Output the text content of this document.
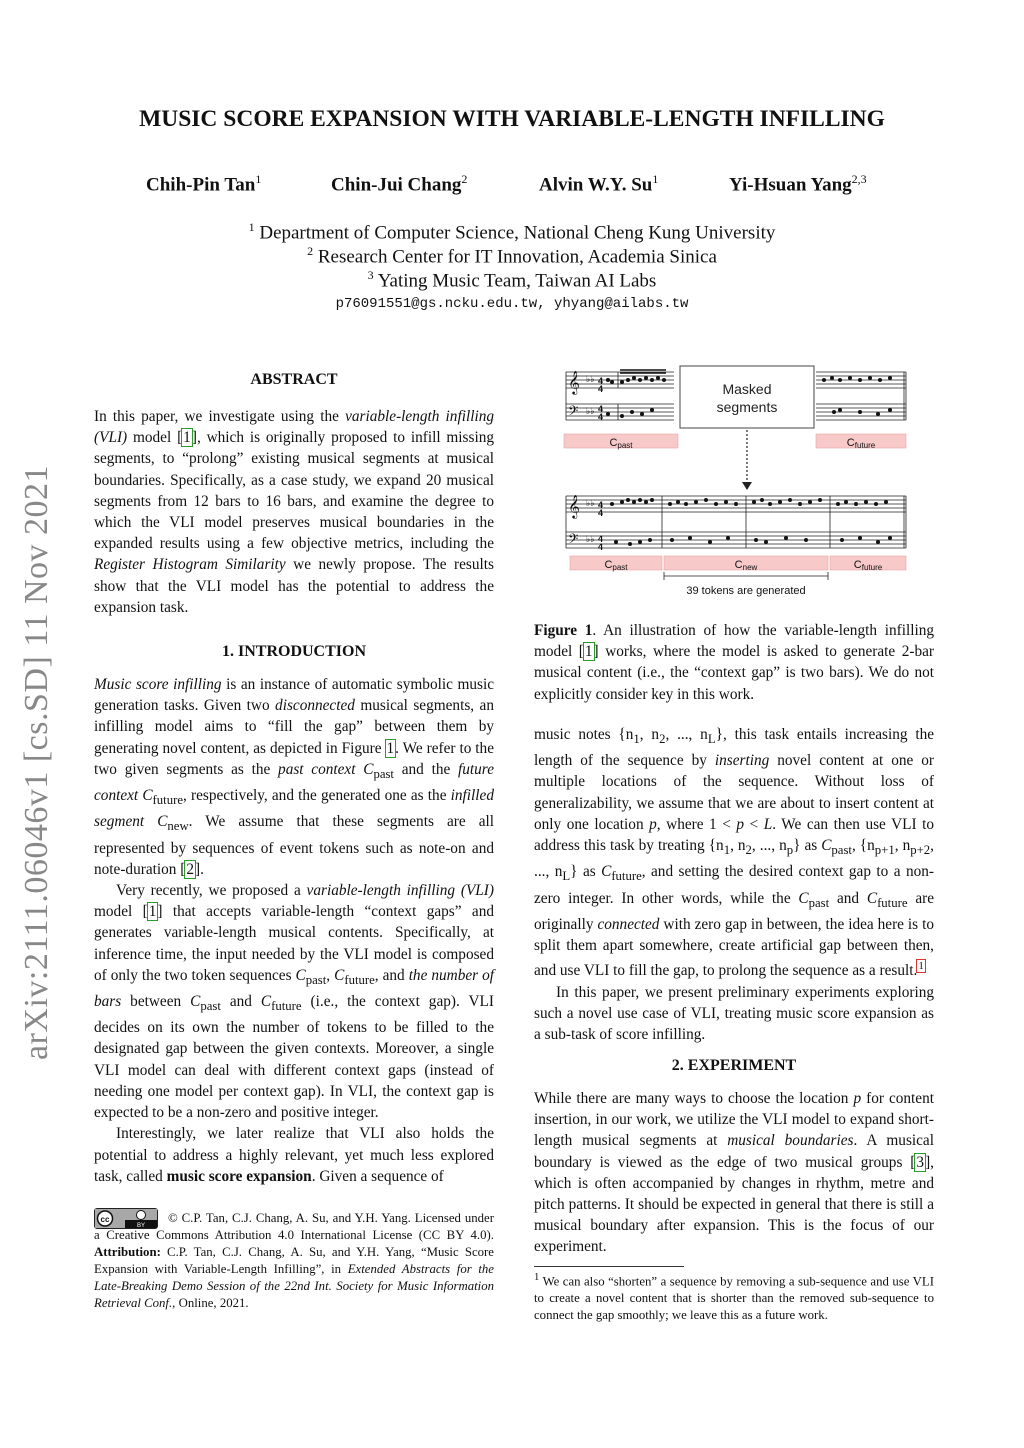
arXiv:2111.06046v1 [cs.SD] 11 Nov 2021
MUSIC SCORE EXPANSION WITH VARIABLE-LENGTH INFILLING
Chih-Pin Tan$^1$	Chin-Jui Chang$^2$	Alvin W.Y. Su$^1$	Yi-Hsuan Yang$^{2,3}$
$^1$ Department of Computer Science, National Cheng Kung University
$^2$ Research Center for IT Innovation, Academia Sinica
$^3$ Yating Music Team, Taiwan AI Labs
p76091551@gs.ncku.edu.tw, yhyang@ailabs.tw
ABSTRACT

In this paper, we investigate using the variable-length infilling (VLI) model [1], which is originally proposed to infill missing segments, to “prolong” existing musical segments at musical boundaries. Specifically, as a case study, we expand 20 musical segments from 12 bars to 16 bars, and examine the degree to which the VLI model preserves musical boundaries in the expanded results using a few objective metrics, including the Register Histogram Similarity we newly propose. The results show that the VLI model has the potential to address the expansion task.

1. INTRODUCTION

Music score infilling is an instance of automatic symbolic music generation tasks. Given two disconnected musical segments, an infilling model aims to “fill the gap” between them by generating novel content, as depicted in Figure 1. We refer to the two given segments as the past context $C_{past}$ and the future context $C_{future}$, respectively, and the generated one as the infilled segment $C_{new}$. We assume that these segments are all represented by sequences of event tokens such as note-on and note-duration [2].

Very recently, we proposed a variable-length infilling (VLI) model [1] that accepts variable-length “context gaps” and generates variable-length musical contents. Specifically, at inference time, the input needed by the VLI model is composed of only the two token sequences $C_{past}$, $C_{future}$, and the number of bars between $C_{past}$ and $C_{future}$ (i.e., the context gap). VLI decides on its own the number of tokens to be filled to the designated gap between the given contexts. Moreover, a single VLI model can deal with different context gaps (instead of needing one model per context gap). In VLI, the context gap is expected to be a non-zero and positive integer.

Interestingly, we later realize that VLI also holds the potential to address a highly relevant, yet much less explored task, called music score expansion. Given a sequence of

cc
BY
© C.P. Tan, C.J. Chang, A. Su, and Y.H. Yang. Licensed under a Creative Commons Attribution 4.0 International License (CC BY 4.0). Attribution: C.P. Tan, C.J. Chang, A. Su, and Y.H. Yang, “Music Score Expansion with Variable-Length Infilling”, in Extended Abstracts for the Late-Breaking Demo Session of the 22nd Int. Society for Music Information Retrieval Conf., Online, 2021.
𝄞
𝄢
♭♭
♭♭
4
4
4
4
Masked
segments
Cpast	Cfuture
𝄞
𝄢
♭♭
♭♭
4
4
4
4
Cpast	Cnew	Cfuture
39 tokens are generated

Figure 1. An illustration of how the variable-length infilling model [1] works, where the model is asked to generate 2-bar musical content (i.e., the “context gap” is two bars). We do not explicitly consider key in this work.

music notes {$n_1$, $n_2$, ..., $n_L$}, this task entails increasing the length of the sequence by inserting novel content at one or multiple locations of the sequence. Without loss of generalizability, we assume that we are about to insert content at only one location p, where 1 < p < L. We can then use VLI to address this task by treating {$n_1$, $n_2$, ..., $n_p$} as $C_{past}$, {$n_{p+1}$, $n_{p+2}$, ..., $n_L$} as $C_{future}$, and setting the desired context gap to a non-zero integer. In other words, while the $C_{past}$ and $C_{future}$ are originally connected with zero gap in between, the idea here is to split them apart somewhere, create artificial gap between then, and use VLI to fill the gap, to prolong the sequence as a result.$^1$

In this paper, we present preliminary experiments exploring such a novel use case of VLI, treating music score expansion as a sub-task of score infilling.

2. EXPERIMENT

While there are many ways to choose the location p for content insertion, in our work, we utilize the VLI model to expand short-length musical segments at musical boundaries. A musical boundary is viewed as the edge of two musical groups [3], which is often accompanied by changes in rhythm, metre and pitch patterns. It should be expected in general that there is still a musical boundary after expansion. This is the focus of our experiment.

$^1$ We can also “shorten” a sequence by removing a sub-sequence and use VLI to create a novel content that is shorter than the removed sub-sequence to connect the gap smoothly; we leave this as a future work.
